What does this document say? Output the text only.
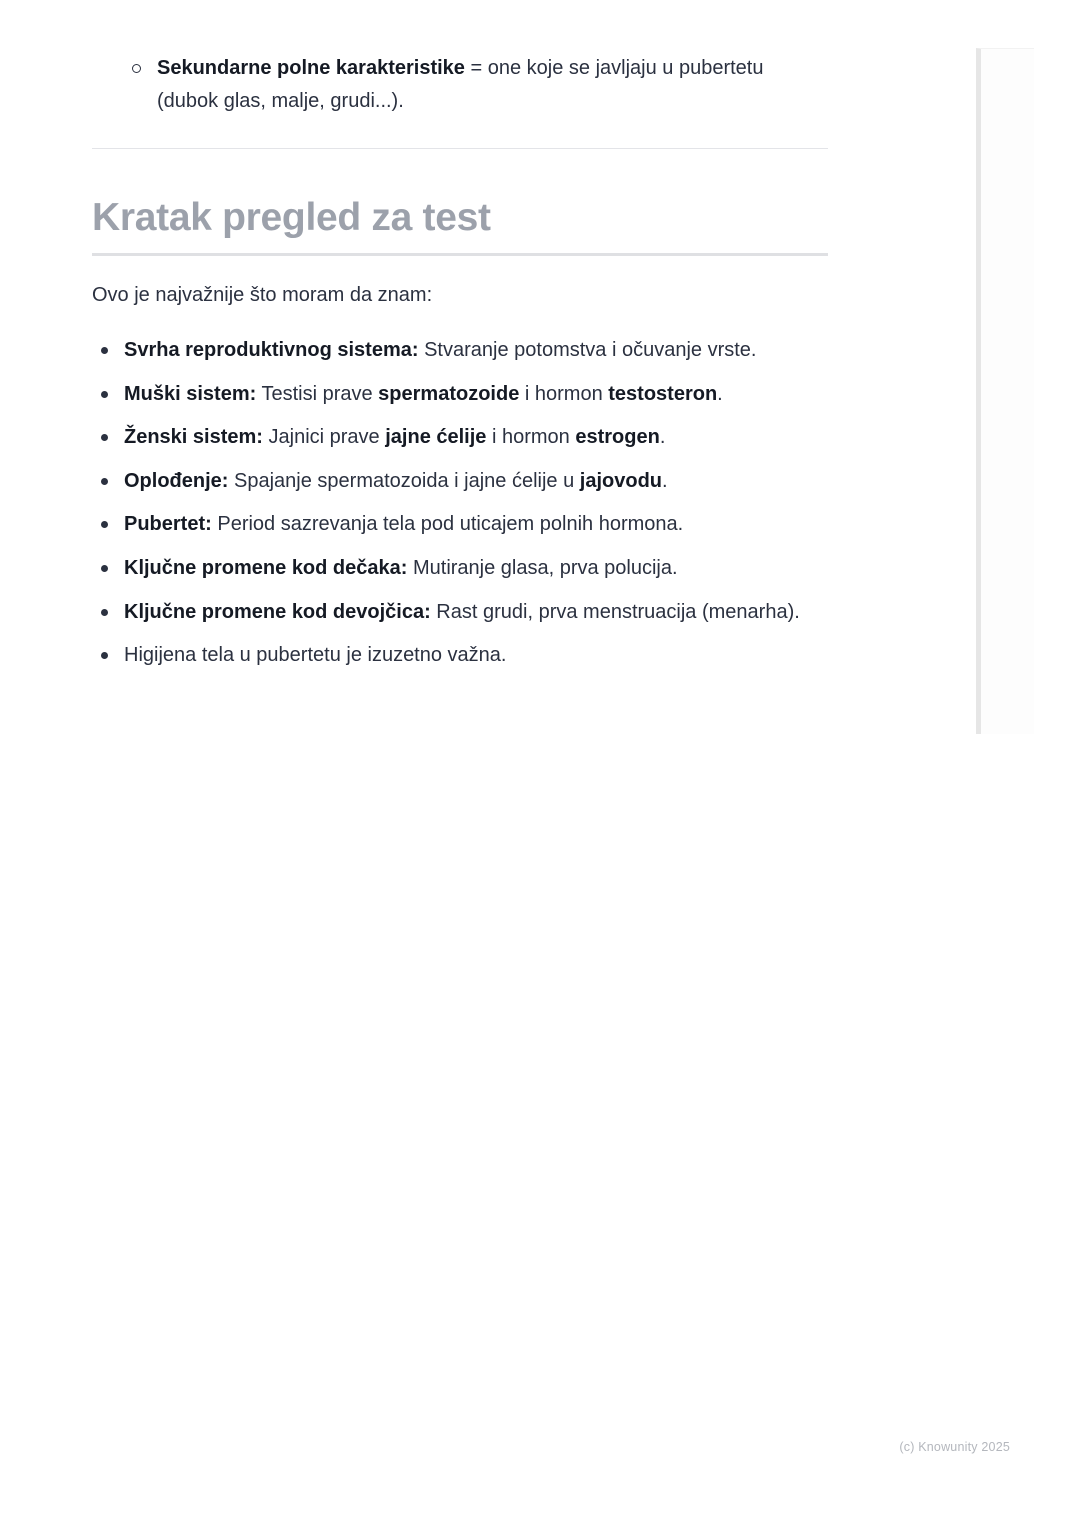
Sekundarne polne karakteristike = one koje se javljaju u pubertetu (dubok glas, malje, grudi...).
Kratak pregled za test

Ovo je najvažnije što moram da znam:

Svrha reproduktivnog sistema: Stvaranje potomstva i očuvanje vrste.
Muški sistem: Testisi prave spermatozoide i hormon testosteron.
Ženski sistem: Jajnici prave jajne ćelije i hormon estrogen.
Oplođenje: Spajanje spermatozoida i jajne ćelije u jajovodu.
Pubertet: Period sazrevanja tela pod uticajem polnih hormona.
Ključne promene kod dečaka: Mutiranje glasa, prva polucija.
Ključne promene kod devojčica: Rast grudi, prva menstruacija (menarha).
Higijena tela u pubertetu je izuzetno važna.
(c) Knowunity 2025
